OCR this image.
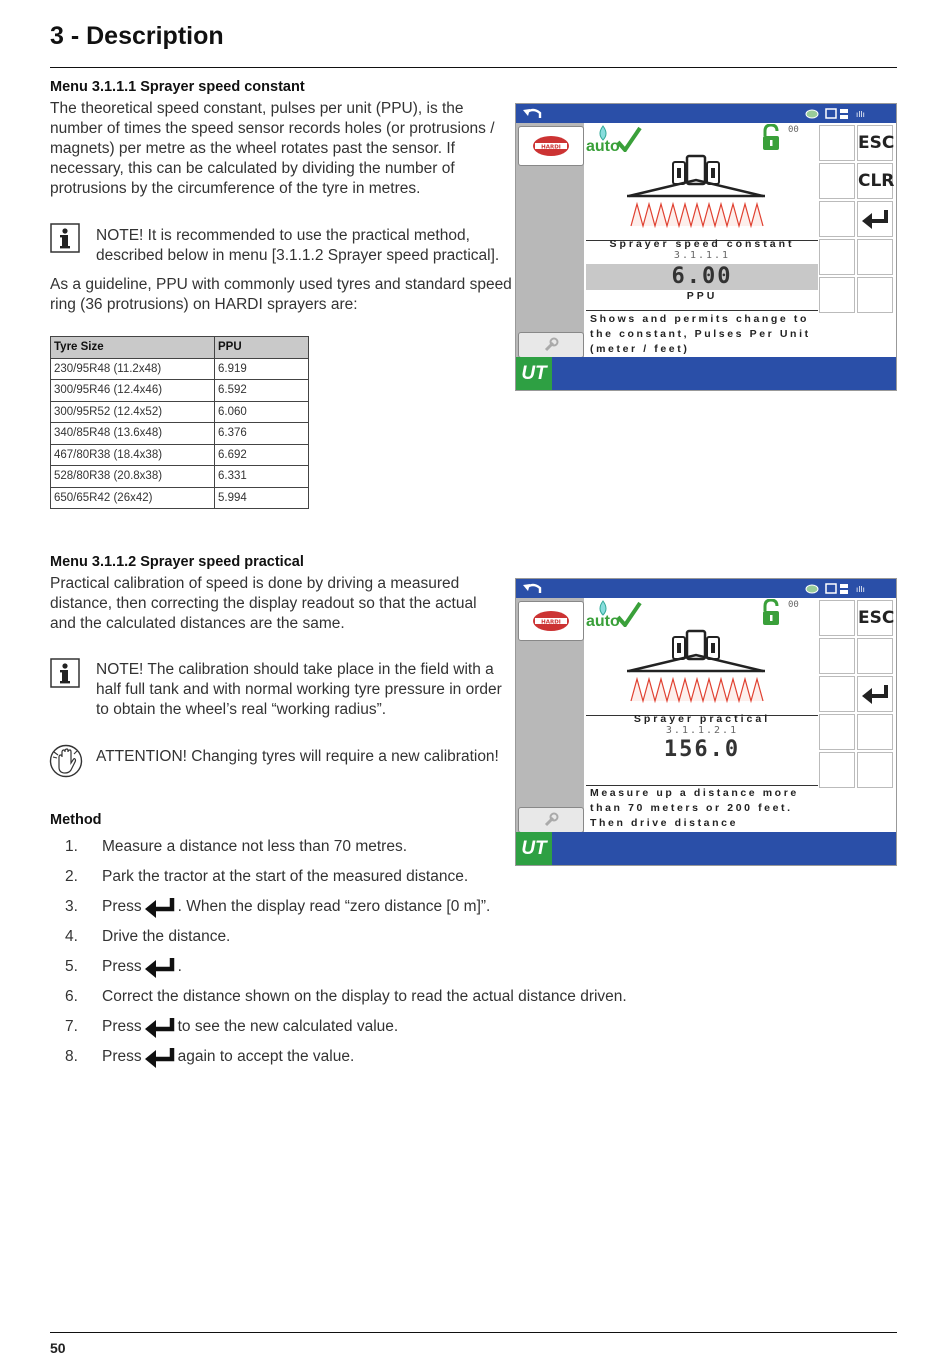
3 - Description
Menu 3.1.1.1 Sprayer speed constant
The theoretical speed constant, pulses per unit (PPU), is the
number of times the speed sensor records holes (or protrusions /
magnets) per metre as the wheel rotates past the sensor. If
necessary, this can be calculated by dividing the number of
protrusions by the circumference of the tyre in metres.
NOTE! It is recommended to use the practical method,
described below in menu [3.1.1.2 Sprayer speed practical].
As a guideline, PPU with commonly used tyres and standard speed
ring (36 protrusions) on HARDI sprayers are:
Tyre Size	PPU
230/95R48 (11.2x48)	6.919
300/95R46 (12.4x46)	6.592
300/95R52 (12.4x52)	6.060
340/85R48 (13.6x48)	6.376
467/80R38 (18.4x38)	6.692
528/80R38 (20.8x38)	6.331
650/65R42 (26x42)	5.994
ıllı
HARDI auto
00
Sprayer speed constant
3.1.1.1
6.00
PPU
Shows and permits change to
the constant, Pulses Per Unit
(meter / feet)
ESC
CLR
UT
Menu 3.1.1.2 Sprayer speed practical
Practical calibration of speed is done by driving a measured
distance, then correcting the display readout so that the actual
and the calculated distances are the same.
NOTE! The calibration should take place in the field with a
half full tank and with normal working tyre pressure in order
to obtain the wheel’s real “working radius”.
ATTENTION! Changing tyres will require a new calibration!
ıllı
HARDI auto
00
Sprayer practical
3.1.1.2.1
156.0
Measure up a distance more
than 70 meters or 200 feet.
Then drive distance
ESC
UT
Method
1.	Measure a distance not less than 70 metres.
2.	Park the tractor at the start of the measured distance.
3.	Press . When the display read “zero distance [0 m]”.
4.	Drive the distance.
5.	Press .
6.	Correct the distance shown on the display to read the actual distance driven.
7.	Press to see the new calculated value.
8.	Press again to accept the value.
50
